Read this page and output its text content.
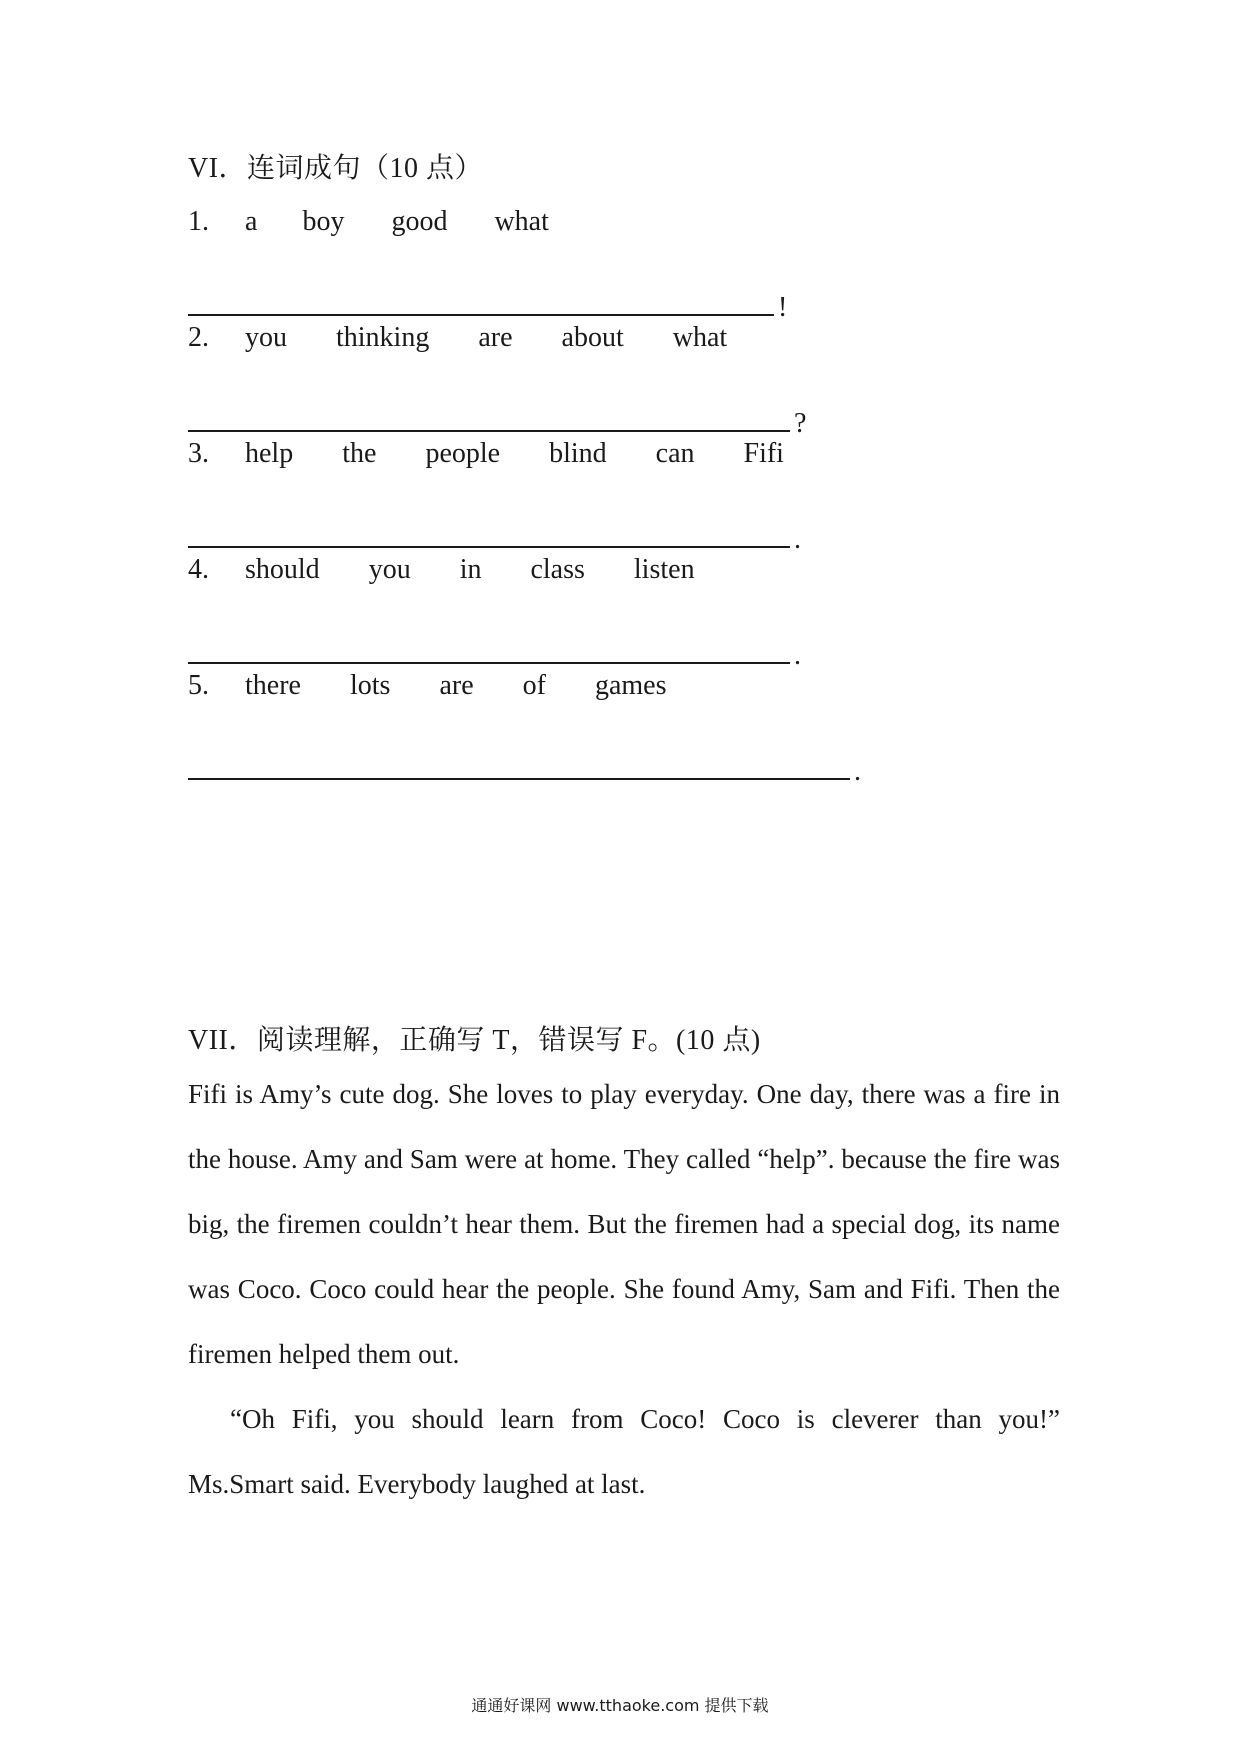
VI．连词成句（10 点）
1. a boy good what
!
2. you thinking are about what
?
3. help the people blind can Fifi
.
4. should you in class listen
.
5. there lots are of games
.
VII．阅读理解，正确写 T，错误写 F。(10 点)

Fifi is Amy’s cute dog. She loves to play everyday. One day, there was a fire in the house. Amy and Sam were at home. They called “help”. because the fire was big, the firemen couldn’t hear them. But the firemen had a special dog, its name was Coco. Coco could hear the people. She found Amy, Sam and Fifi. Then the firemen helped them out.

“Oh Fifi, you should learn from Coco! Coco is cleverer than you!” Ms.Smart said. Everybody laughed at last.

通通好课网 www.tthaoke.com 提供下载
